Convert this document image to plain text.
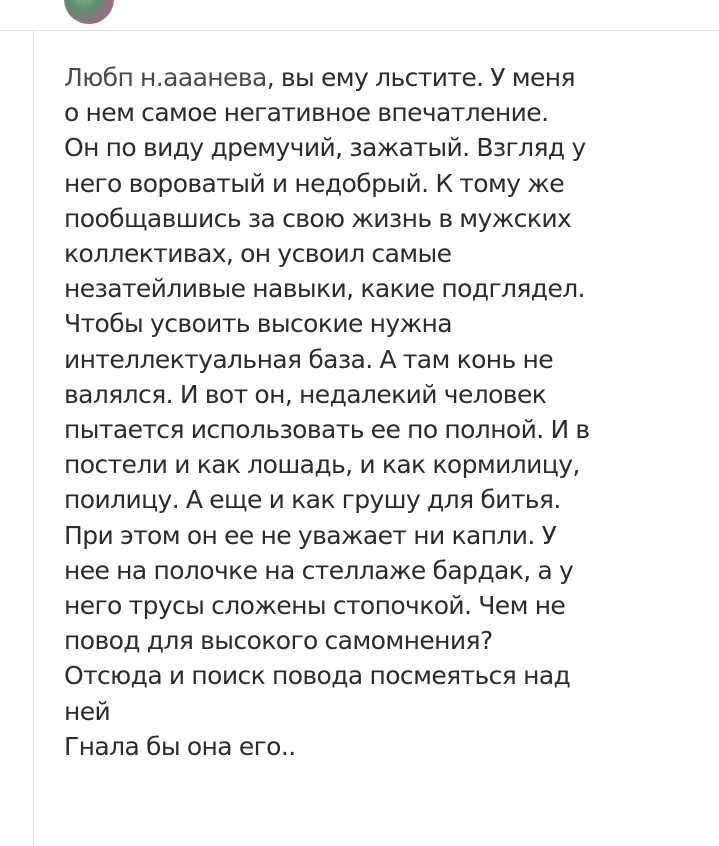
Любп н.ааанева, вы ему льстите. У меня
о нем самое негативное впечатление.
Он по виду дремучий, зажатый. Взгляд у
него вороватый и недобрый. К тому же
пообщавшись за свою жизнь в мужских
коллективах, он усвоил самые
незатейливые навыки, какие подглядел.
Чтобы усвоить высокие нужна
интеллектуальная база. А там конь не
валялся. И вот он, недалекий человек
пытается использовать ее по полной. И в
постели и как лошадь, и как кормилицу,
поилицу. А еще и как грушу для битья.
При этом он ее не уважает ни капли. У
нее на полочке на стеллаже бардак, а у
него трусы сложены стопочкой. Чем не
повод для высокого самомнения?
Отсюда и поиск повода посмеяться над
ней
Гнала бы она его..
